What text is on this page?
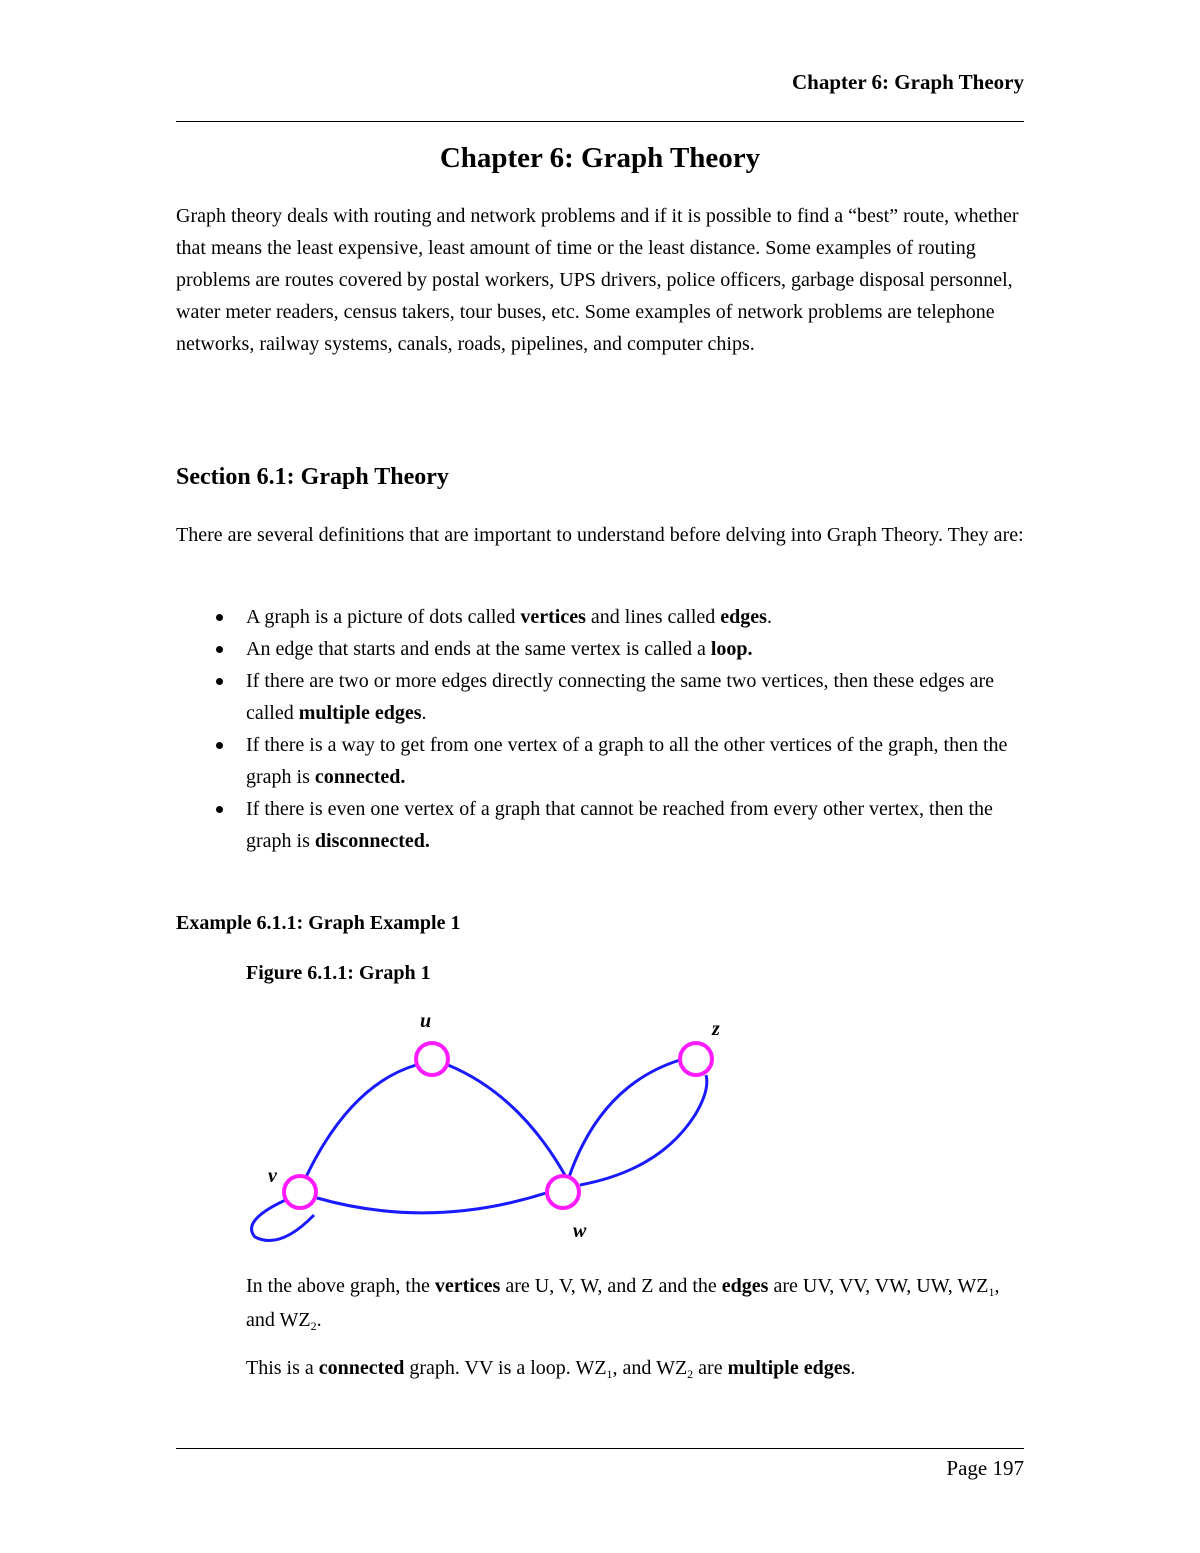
Chapter 6: Graph Theory
Chapter 6: Graph Theory

Graph theory deals with routing and network problems and if it is possible to find a “best” route, whether that means the least expensive, least amount of time or the least distance. Some examples of routing problems are routes covered by postal workers, UPS drivers, police officers, garbage disposal personnel, water meter readers, census takers, tour buses, etc. Some examples of network problems are telephone networks, railway systems, canals, roads, pipelines, and computer chips.

Section 6.1: Graph Theory

There are several definitions that are important to understand before delving into Graph Theory. They are:

A graph is a picture of dots called vertices and lines called edges.
An edge that starts and ends at the same vertex is called a loop.
If there are two or more edges directly connecting the same two vertices, then these edges are called multiple edges.
If there is a way to get from one vertex of a graph to all the other vertices of the graph, then the graph is connected.
If there is even one vertex of a graph that cannot be reached from every other vertex, then the graph is disconnected.
Example 6.1.1: Graph Example 1
Figure 6.1.1: Graph 1
u
v
w
z

In the above graph, the vertices are U, V, W, and Z and the edges are UV, VV, VW, UW, $WZ_1$, and $WZ_2$.

This is a connected graph. VV is a loop. $WZ_1$, and $WZ_2$ are multiple edges.

Page 197
